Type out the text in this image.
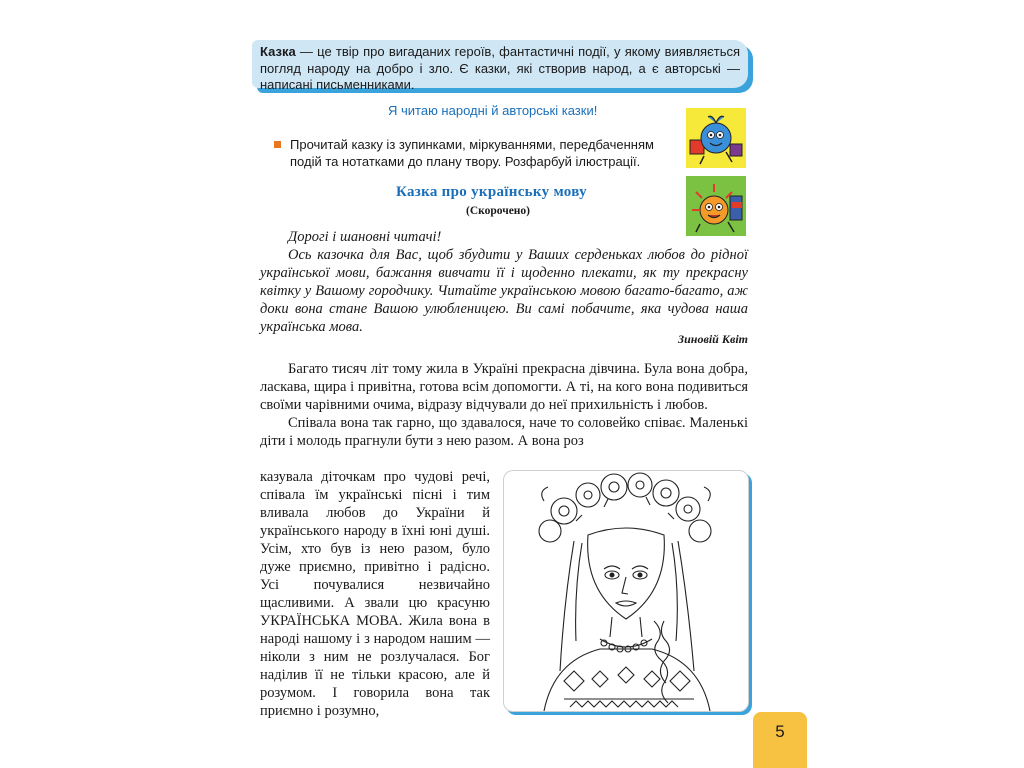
Казка — це твір про вигаданих героїв, фантастичні події, у якому виявляється погляд народу на добро і зло. Є казки, які створив народ, а є авторські — написані письменниками.
Я читаю народні й авторські казки!
Прочитай казку із зупинками, міркуваннями, передбаченням подій та нотатками до плану твору. Розфарбуй ілюстрації.
Казка про українську мову
(Скорочено)

Дорогі і шановні читачі!

Ось казочка для Вас, щоб збудити у Ваших серденьках любов до рідної української мови, бажання вивчати її і щоденно плекати, як ту прекрасну квітку у Вашому городчику. Читайте українською мовою багато-багато, аж доки вона стане Вашою улюбленицею. Ви самі побачите, яка чудова наша українська мова.

Зиновій Квіт

Багато тисяч літ тому жила в Україні прекрасна дівчина. Була вона добра, ласкава, щира і привітна, готова всім допомогти. А ті, на кого вона подивиться своїми чарівними очима, відразу відчували до неї прихильність і любов.

Співала вона так гарно, що здавалося, наче то соловейко співає. Маленькі діти і молодь прагнули бути з нею разом. А вона роз

казувала діточкам про чудові речі, співала їм українські пісні і тим вливала любов до України й українського народу в їхні юні душі. Усім, хто був із нею разом, було дуже приємно, привітно і радісно. Усі почувалися незвичайно щасливими. А звали цю красуню УКРАЇНСЬКА МОВА. Жила вона в народі нашому і з народом нашим — ніколи з ним не розлучалася. Бог наділив її не тільки красою, але й розумом. І говорила вона так приємно і розумно,

5
